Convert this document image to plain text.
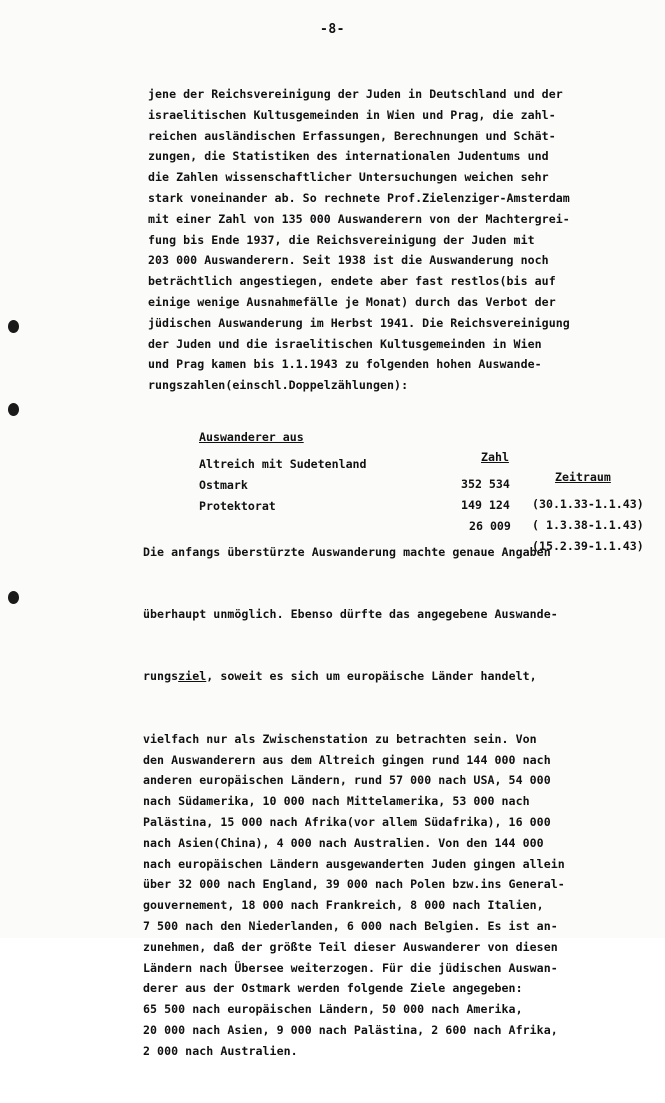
-8-
jene der Reichsvereinigung der Juden in Deutschland und der
israelitischen Kultusgemeinden in Wien und Prag, die zahl-
reichen ausländischen Erfassungen, Berechnungen und Schät-
zungen, die Statistiken des internationalen Judentums und
die Zahlen wissenschaftlicher Untersuchungen weichen sehr
stark voneinander ab. So rechnete Prof.Zielenziger-Amsterdam
mit einer Zahl von 135 000 Auswanderern von der Machtergrei-
fung bis Ende 1937, die Reichsvereinigung der Juden mit
203 000 Auswanderern. Seit 1938 ist die Auswanderung noch
beträchtlich angestiegen, endete aber fast restlos(bis auf
einige wenige Ausnahmefälle je Monat) durch das Verbot der
jüdischen Auswanderung im Herbst 1941. Die Reichsvereinigung
der Juden und die israelitischen Kultusgemeinden in Wien
und Prag kamen bis 1.1.1943 zu folgenden hohen Auswande-
rungszahlen(einschl.Doppelzählungen):

Auswanderer aus

Zahl

Zeitraum

Altreich mit Sudetenland

352 534

(30.1.33-1.1.43)

Ostmark

149 124

( 1.3.38-1.1.43)

Protektorat

26 009

(15.2.39-1.1.43)

Die anfangs überstürzte Auswanderung machte genaue Angaben

überhaupt unmöglich. Ebenso dürfte das angegebene Auswande-

rungsziel, soweit es sich um europäische Länder handelt,

vielfach nur als Zwischenstation zu betrachten sein. Von
den Auswanderern aus dem Altreich gingen rund 144 000 nach
anderen europäischen Ländern, rund 57 000 nach USA, 54 000
nach Südamerika, 10 000 nach Mittelamerika, 53 000 nach
Palästina, 15 000 nach Afrika(vor allem Südafrika), 16 000
nach Asien(China), 4 000 nach Australien. Von den 144 000
nach europäischen Ländern ausgewanderten Juden gingen allein
über 32 000 nach England, 39 000 nach Polen bzw.ins General-
gouvernement, 18 000 nach Frankreich, 8 000 nach Italien,
7 500 nach den Niederlanden, 6 000 nach Belgien. Es ist an-
zunehmen, daß der größte Teil dieser Auswanderer von diesen
Ländern nach Übersee weiterzogen. Für die jüdischen Auswan-
derer aus der Ostmark werden folgende Ziele angegeben:
65 500 nach europäischen Ländern, 50 000 nach Amerika,
20 000 nach Asien, 9 000 nach Palästina, 2 600 nach Afrika,
2 000 nach Australien.
